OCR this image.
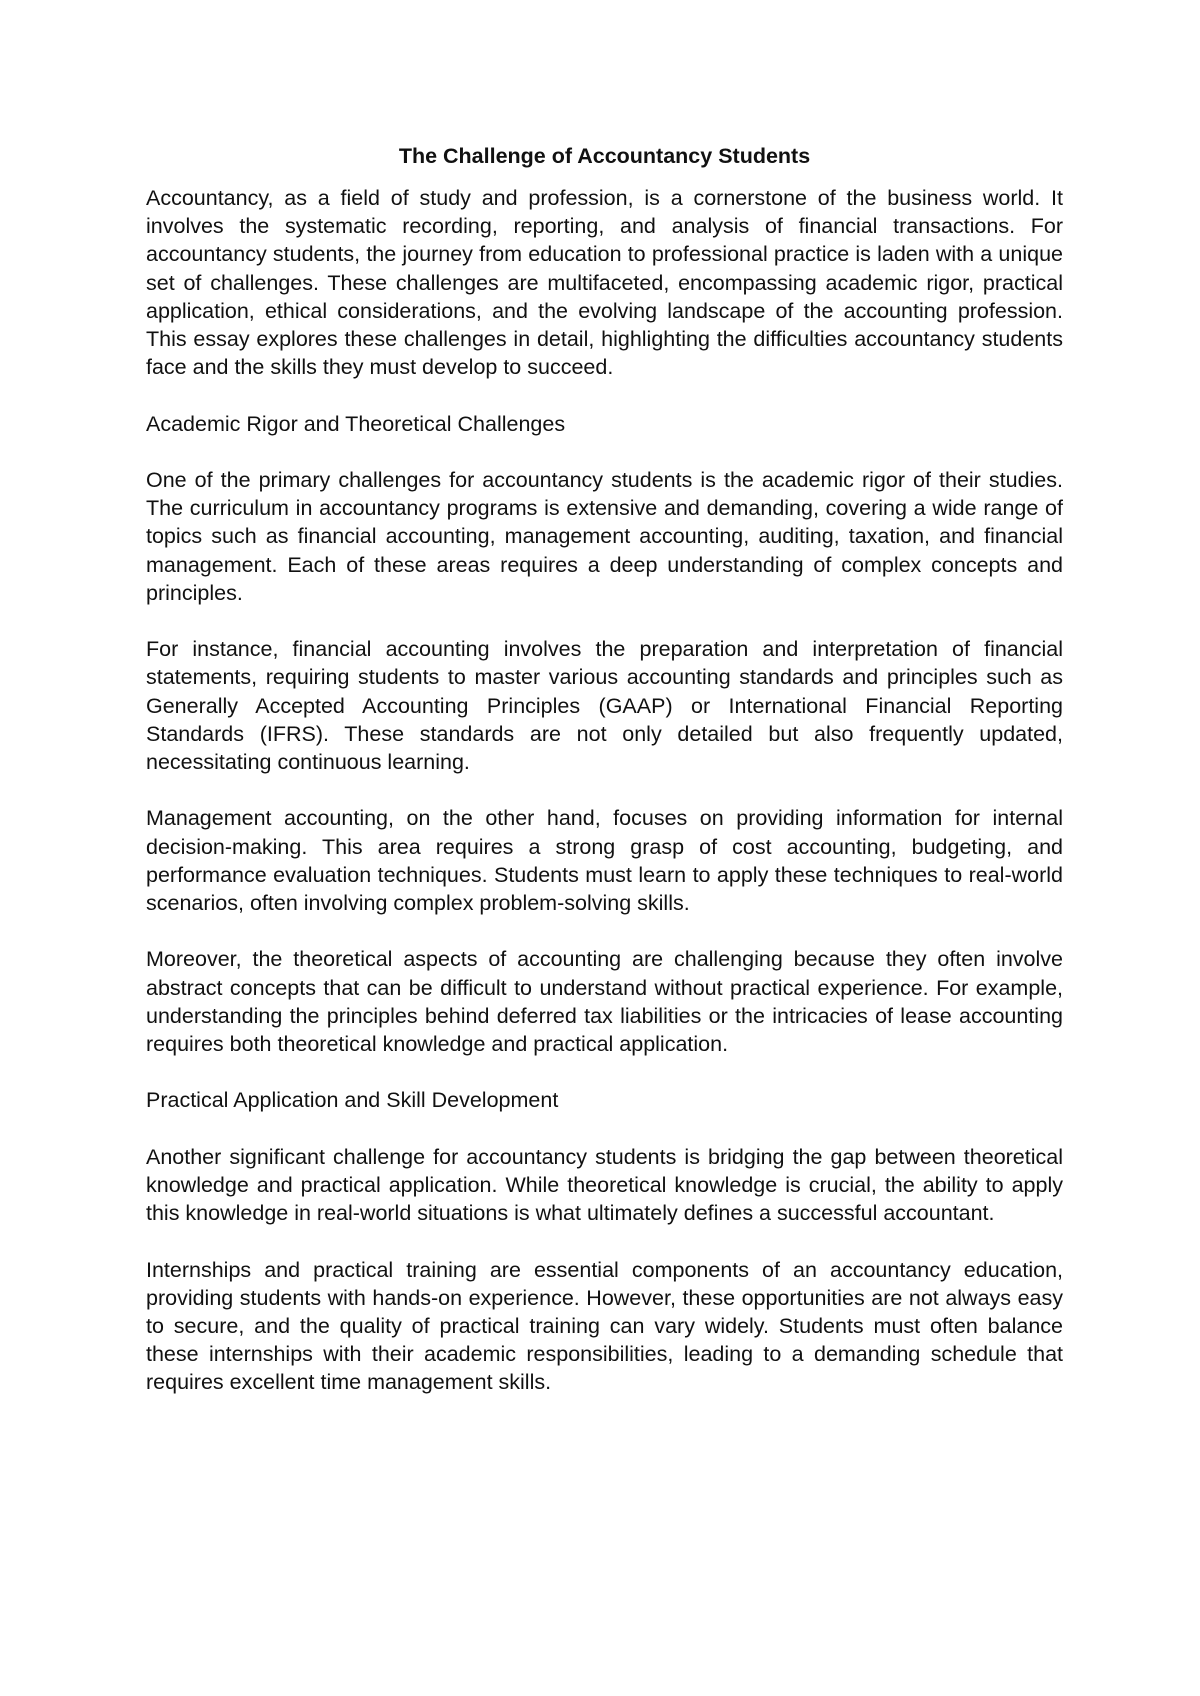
The Challenge of Accountancy Students
Accountancy, as a field of study and profession, is a cornerstone of the business world. It involves the systematic recording, reporting, and analysis of financial transactions. For accountancy students, the journey from education to professional practice is laden with a unique set of challenges. These challenges are multifaceted, encompassing academic rigor, practical application, ethical considerations, and the evolving landscape of the accounting profession. This essay explores these challenges in detail, highlighting the difficulties accountancy students face and the skills they must develop to succeed.
Academic Rigor and Theoretical Challenges
One of the primary challenges for accountancy students is the academic rigor of their studies. The curriculum in accountancy programs is extensive and demanding, covering a wide range of topics such as financial accounting, management accounting, auditing, taxation, and financial management. Each of these areas requires a deep understanding of complex concepts and principles.
For instance, financial accounting involves the preparation and interpretation of financial statements, requiring students to master various accounting standards and principles such as Generally Accepted Accounting Principles (GAAP) or International Financial Reporting Standards (IFRS). These standards are not only detailed but also frequently updated, necessitating continuous learning.
Management accounting, on the other hand, focuses on providing information for internal decision-making. This area requires a strong grasp of cost accounting, budgeting, and performance evaluation techniques. Students must learn to apply these techniques to real-world scenarios, often involving complex problem-solving skills.
Moreover, the theoretical aspects of accounting are challenging because they often involve abstract concepts that can be difficult to understand without practical experience. For example, understanding the principles behind deferred tax liabilities or the intricacies of lease accounting requires both theoretical knowledge and practical application.
Practical Application and Skill Development
Another significant challenge for accountancy students is bridging the gap between theoretical knowledge and practical application. While theoretical knowledge is crucial, the ability to apply this knowledge in real-world situations is what ultimately defines a successful accountant.
Internships and practical training are essential components of an accountancy education, providing students with hands-on experience. However, these opportunities are not always easy to secure, and the quality of practical training can vary widely. Students must often balance these internships with their academic responsibilities, leading to a demanding schedule that requires excellent time management skills.
